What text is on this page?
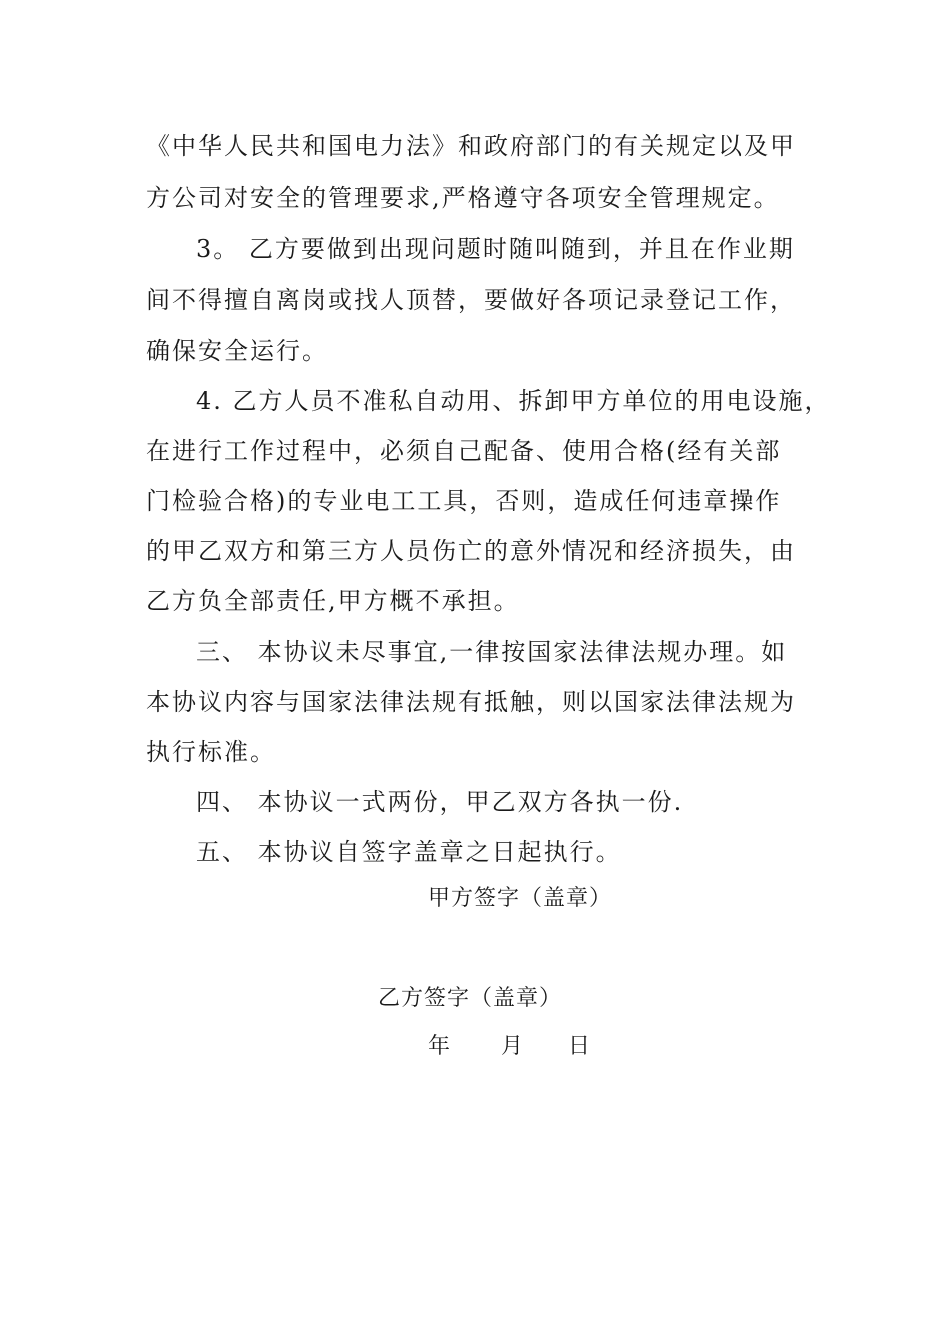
《中华人民共和国电力法》和政府部门的有关规定以及甲
方公司对安全的管理要求,严格遵守各项安全管理规定。
3。 乙方要做到出现问题时随叫随到，并且在作业期
间不得擅自离岗或找人顶替，要做好各项记录登记工作，
确保安全运行。
4. 乙方人员不准私自动用、拆卸甲方单位的用电设施，
在进行工作过程中，必须自己配备、使用合格(经有关部
门检验合格)的专业电工工具，否则，造成任何违章操作
的甲乙双方和第三方人员伤亡的意外情况和经济损失，由
乙方负全部责任,甲方概不承担。
三、 本协议未尽事宜,一律按国家法律法规办理。如
本协议内容与国家法律法规有抵触，则以国家法律法规为
执行标准。
四、 本协议一式两份，甲乙双方各执一份.
五、 本协议自签字盖章之日起执行。
甲方签字（盖章）
乙方签字（盖章）
年 月 日
